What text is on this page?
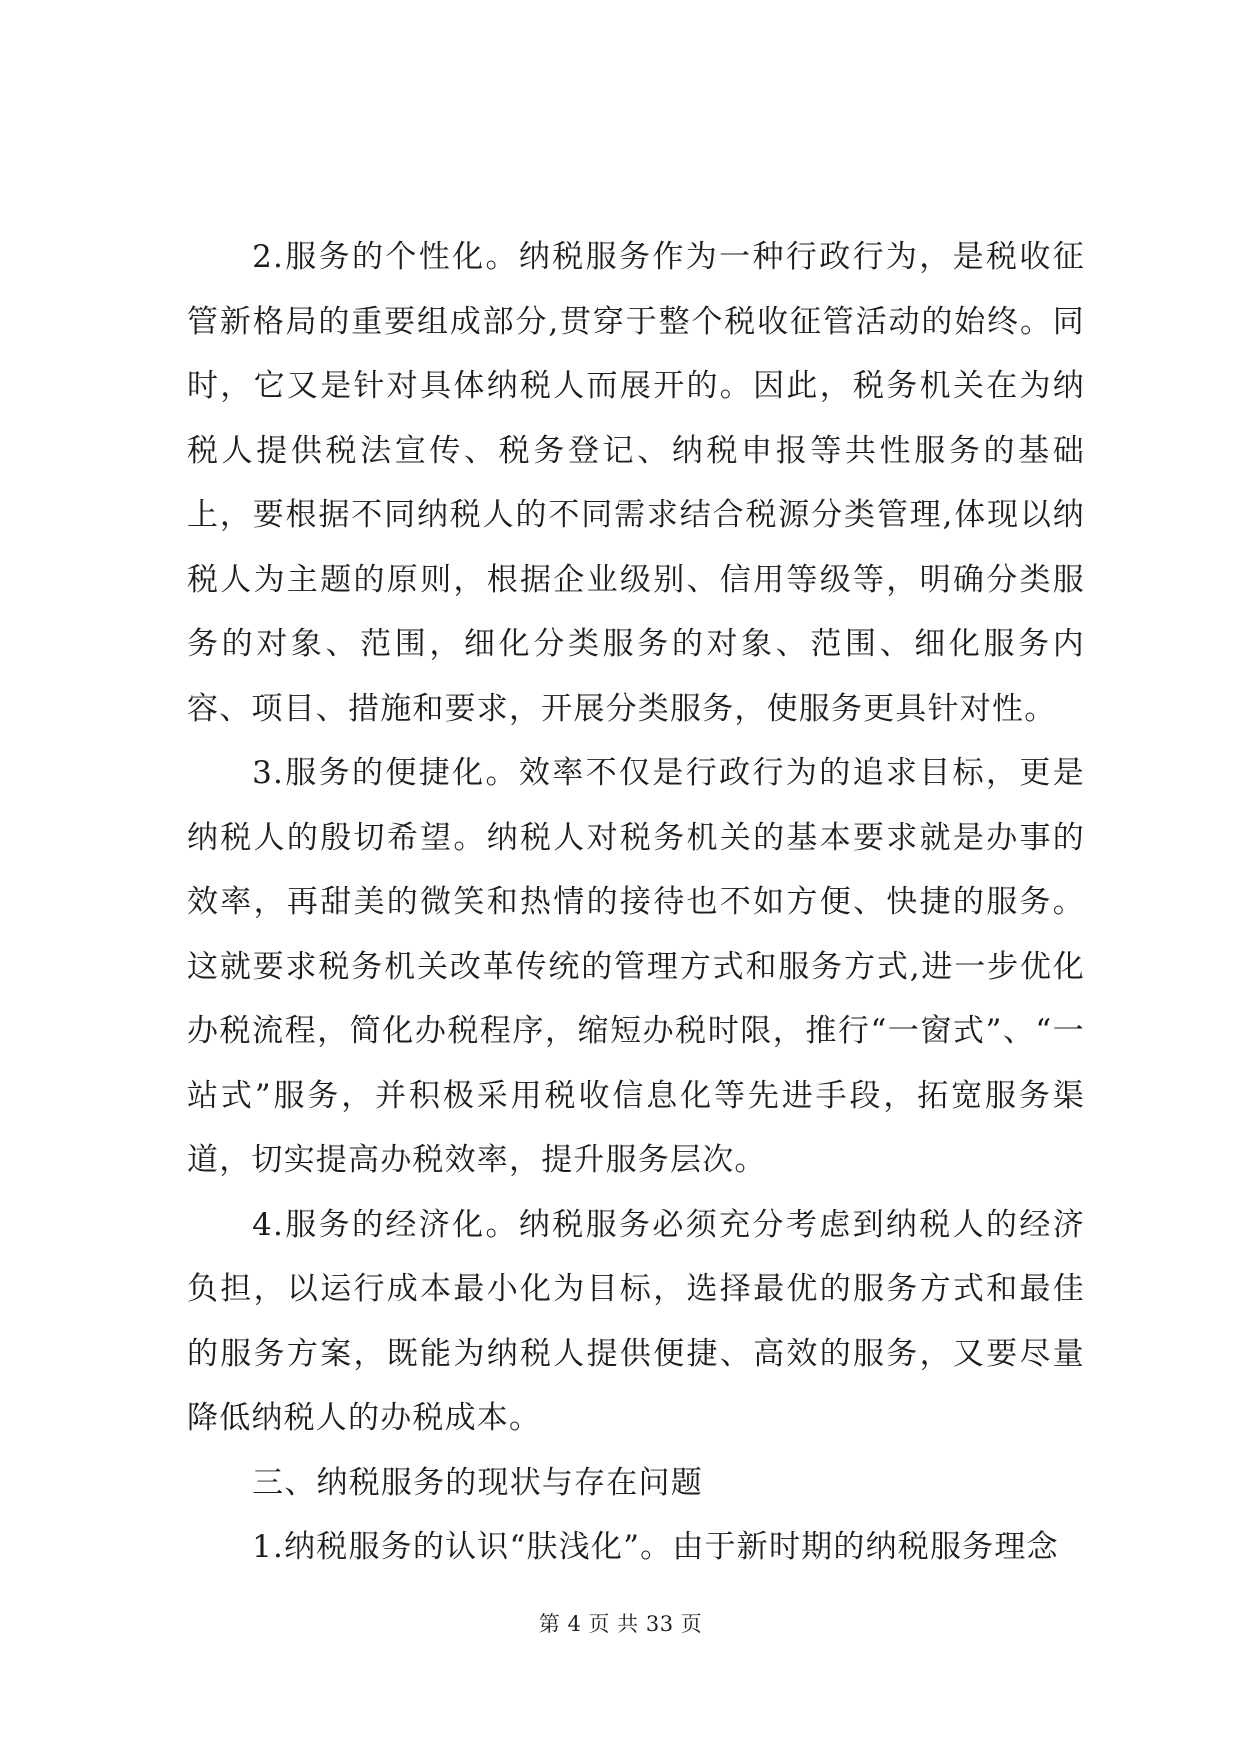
2.服务的个性化。纳税服务作为一种行政行为，是税收征管新格局的重要组成部分,贯穿于整个税收征管活动的始终。同时，它又是针对具体纳税人而展开的。因此，税务机关在为纳税人提供税法宣传、税务登记、纳税申报等共性服务的基础上，要根据不同纳税人的不同需求结合税源分类管理,体现以纳税人为主题的原则，根据企业级别、信用等级等，明确分类服务的对象、范围，细化分类服务的对象、范围、细化服务内容、项目、措施和要求，开展分类服务，使服务更具针对性。

3.服务的便捷化。效率不仅是行政行为的追求目标，更是纳税人的殷切希望。纳税人对税务机关的基本要求就是办事的效率，再甜美的微笑和热情的接待也不如方便、快捷的服务。这就要求税务机关改革传统的管理方式和服务方式,进一步优化办税流程，简化办税程序，缩短办税时限，推行“一窗式”、“一站式”服务，并积极采用税收信息化等先进手段，拓宽服务渠道，切实提高办税效率，提升服务层次。

4.服务的经济化。纳税服务必须充分考虑到纳税人的经济负担，以运行成本最小化为目标，选择最优的服务方式和最佳的服务方案，既能为纳税人提供便捷、高效的服务，又要尽量降低纳税人的办税成本。

三、纳税服务的现状与存在问题

1.纳税服务的认识“肤浅化”。由于新时期的纳税服务理念

第 4 页 共 33 页
